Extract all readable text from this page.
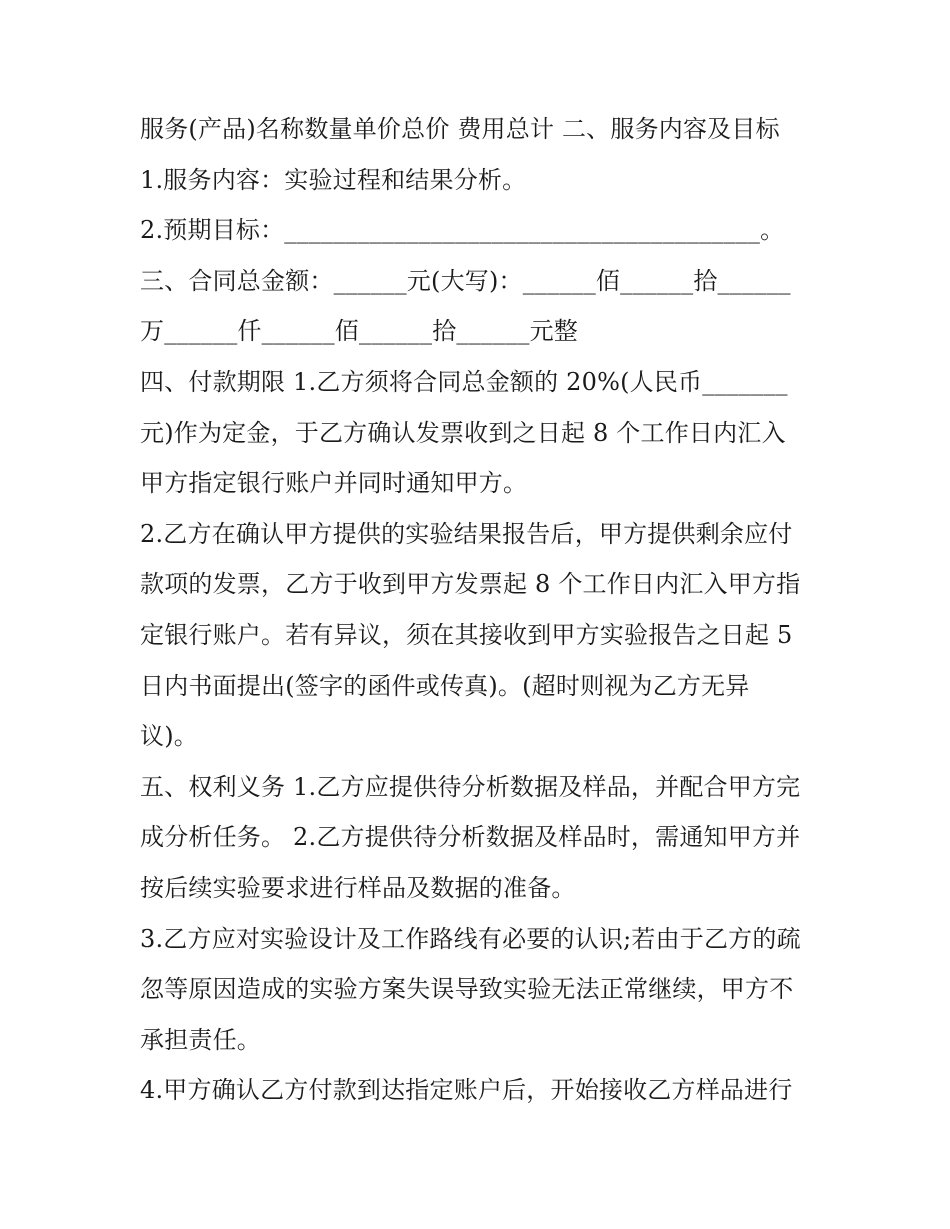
服务(产品)名称数量单价总价 费用总计 二、服务内容及目标
1.服务内容：实验过程和结果分析。
2.预期目标：_______________________________________。
三、合同总金额：______元(大写)：______佰______拾______
万______仟______佰______拾______元整
四、付款期限 1.乙方须将合同总金额的 20%(人民币_______
元)作为定金，于乙方确认发票收到之日起 8 个工作日内汇入
甲方指定银行账户并同时通知甲方。
2.乙方在确认甲方提供的实验结果报告后，甲方提供剩余应付
款项的发票，乙方于收到甲方发票起 8 个工作日内汇入甲方指
定银行账户。若有异议，须在其接收到甲方实验报告之日起 5
日内书面提出(签字的函件或传真)。(超时则视为乙方无异
议)。
五、权利义务 1.乙方应提供待分析数据及样品，并配合甲方完
成分析任务。 2.乙方提供待分析数据及样品时，需通知甲方并
按后续实验要求进行样品及数据的准备。
3.乙方应对实验设计及工作路线有必要的认识;若由于乙方的疏
忽等原因造成的实验方案失误导致实验无法正常继续，甲方不
承担责任。
4.甲方确认乙方付款到达指定账户后，开始接收乙方样品进行
